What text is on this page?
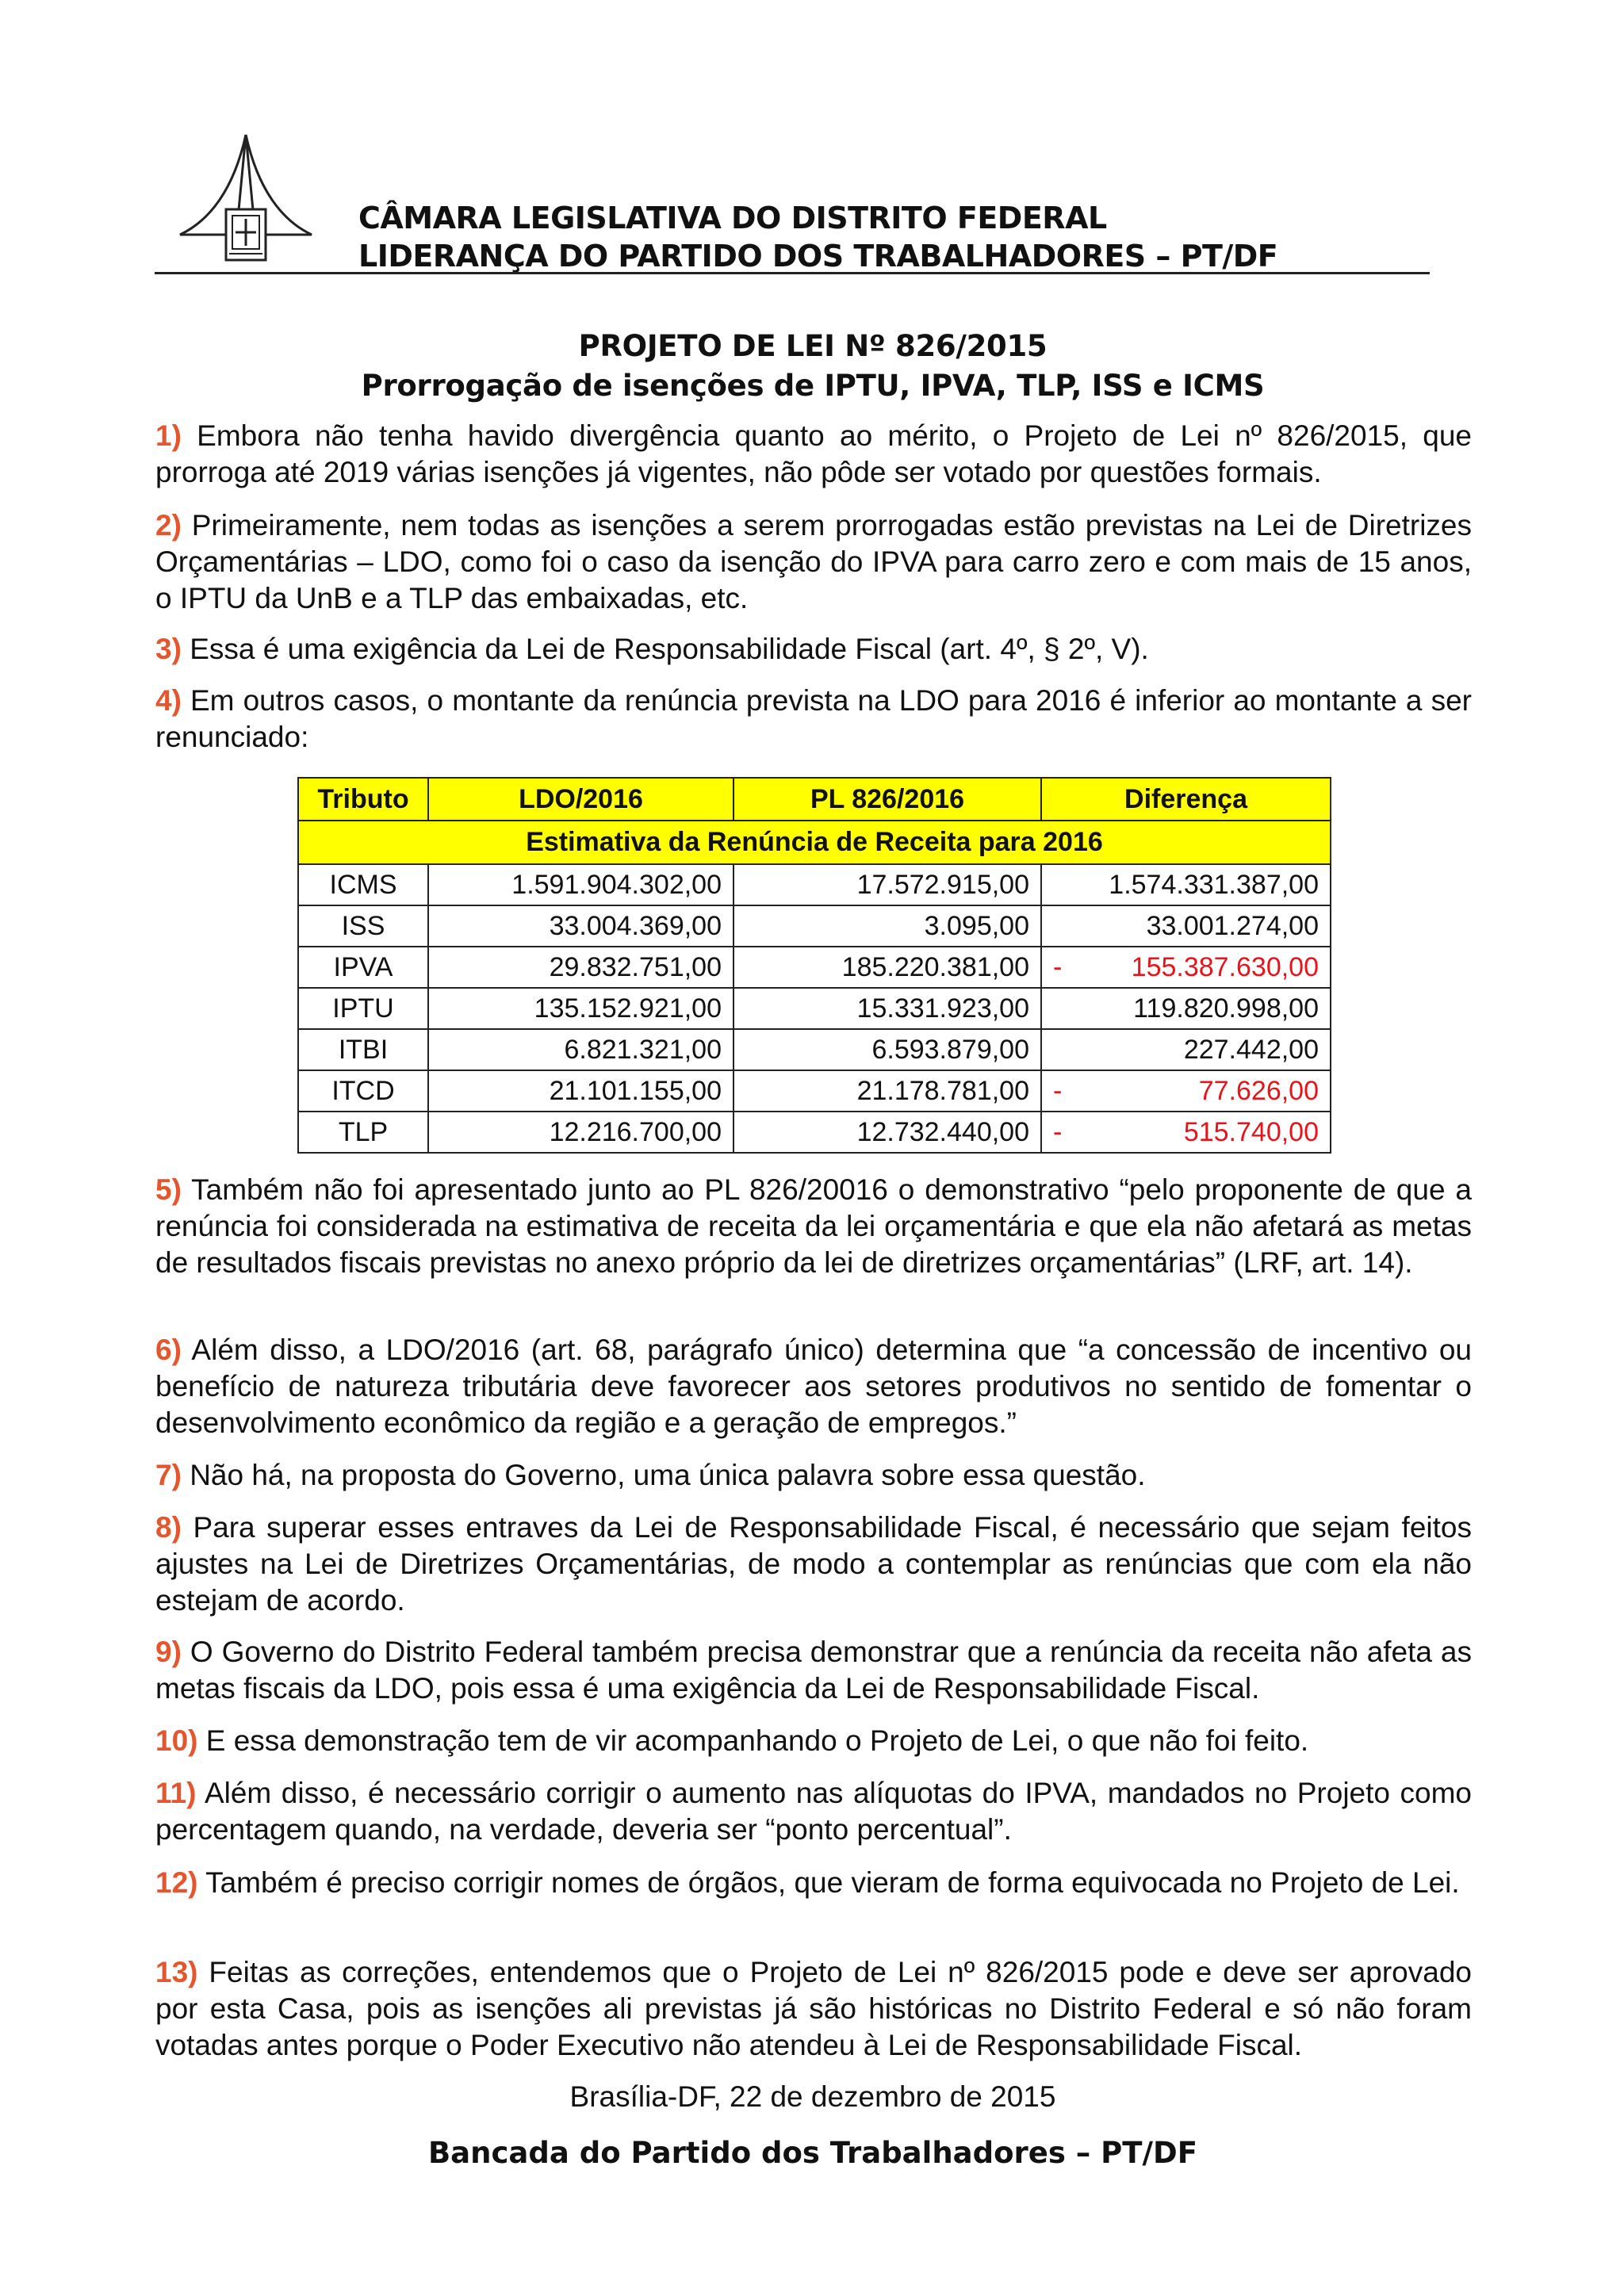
CÂMARA LEGISLATIVA DO DISTRITO FEDERAL
LIDERANÇA DO PARTIDO DOS TRABALHADORES – PT/DF
PROJETO DE LEI Nº 826/2015
Prorrogação de isenções de IPTU, IPVA, TLP, ISS e ICMS
1) Embora não tenha havido divergência quanto ao mérito, o Projeto de Lei nº 826/2015, que prorroga até 2019 várias isenções já vigentes, não pôde ser votado por questões formais.
2) Primeiramente, nem todas as isenções a serem prorrogadas estão previstas na Lei de Diretrizes Orçamentárias – LDO, como foi o caso da isenção do IPVA para carro zero e com mais de 15 anos, o IPTU da UnB e a TLP das embaixadas, etc.
3) Essa é uma exigência da Lei de Responsabilidade Fiscal (art. 4º, § 2º, V).
4) Em outros casos, o montante da renúncia prevista na LDO para 2016 é inferior ao montante a ser renunciado:
Estimativa da Renúncia de Receita para 2016			
Tributo	LDO/2016	PL 826/2016	Diferença
ICMS	1.591.904.302,00	17.572.915,00	1.574.331.387,00
ISS	33.004.369,00	3.095,00	33.001.274,00
IPVA	29.832.751,00	185.220.381,00	- 155.387.630,00
IPTU	135.152.921,00	15.331.923,00	119.820.998,00
ITBI	6.821.321,00	6.593.879,00	227.442,00
ITCD	21.101.155,00	21.178.781,00	- 77.626,00
TLP	12.216.700,00	12.732.440,00	- 515.740,00
5) Também não foi apresentado junto ao PL 826/20016 o demonstrativo “pelo proponente de que a renúncia foi considerada na estimativa de receita da lei orçamentária e que ela não afetará as metas de resultados fiscais previstas no anexo próprio da lei de diretrizes orçamentárias” (LRF, art. 14).
6) Além disso, a LDO/2016 (art. 68, parágrafo único) determina que “a concessão de incentivo ou benefício de natureza tributária deve favorecer aos setores produtivos no sentido de fomentar o desenvolvimento econômico da região e a geração de empregos.”
7) Não há, na proposta do Governo, uma única palavra sobre essa questão.
8) Para superar esses entraves da Lei de Responsabilidade Fiscal, é necessário que sejam feitos ajustes na Lei de Diretrizes Orçamentárias, de modo a contemplar as renúncias que com ela não estejam de acordo.
9) O Governo do Distrito Federal também precisa demonstrar que a renúncia da receita não afeta as metas fiscais da LDO, pois essa é uma exigência da Lei de Responsabilidade Fiscal.
10) E essa demonstração tem de vir acompanhando o Projeto de Lei, o que não foi feito.
11) Além disso, é necessário corrigir o aumento nas alíquotas do IPVA, mandados no Projeto como percentagem quando, na verdade, deveria ser “ponto percentual”.
12) Também é preciso corrigir nomes de órgãos, que vieram de forma equivocada no Projeto de Lei.
13) Feitas as correções, entendemos que o Projeto de Lei nº 826/2015 pode e deve ser aprovado por esta Casa, pois as isenções ali previstas já são históricas no Distrito Federal e só não foram votadas antes porque o Poder Executivo não atendeu à Lei de Responsabilidade Fiscal.
Brasília-DF, 22 de dezembro de 2015
Bancada do Partido dos Trabalhadores – PT/DF
